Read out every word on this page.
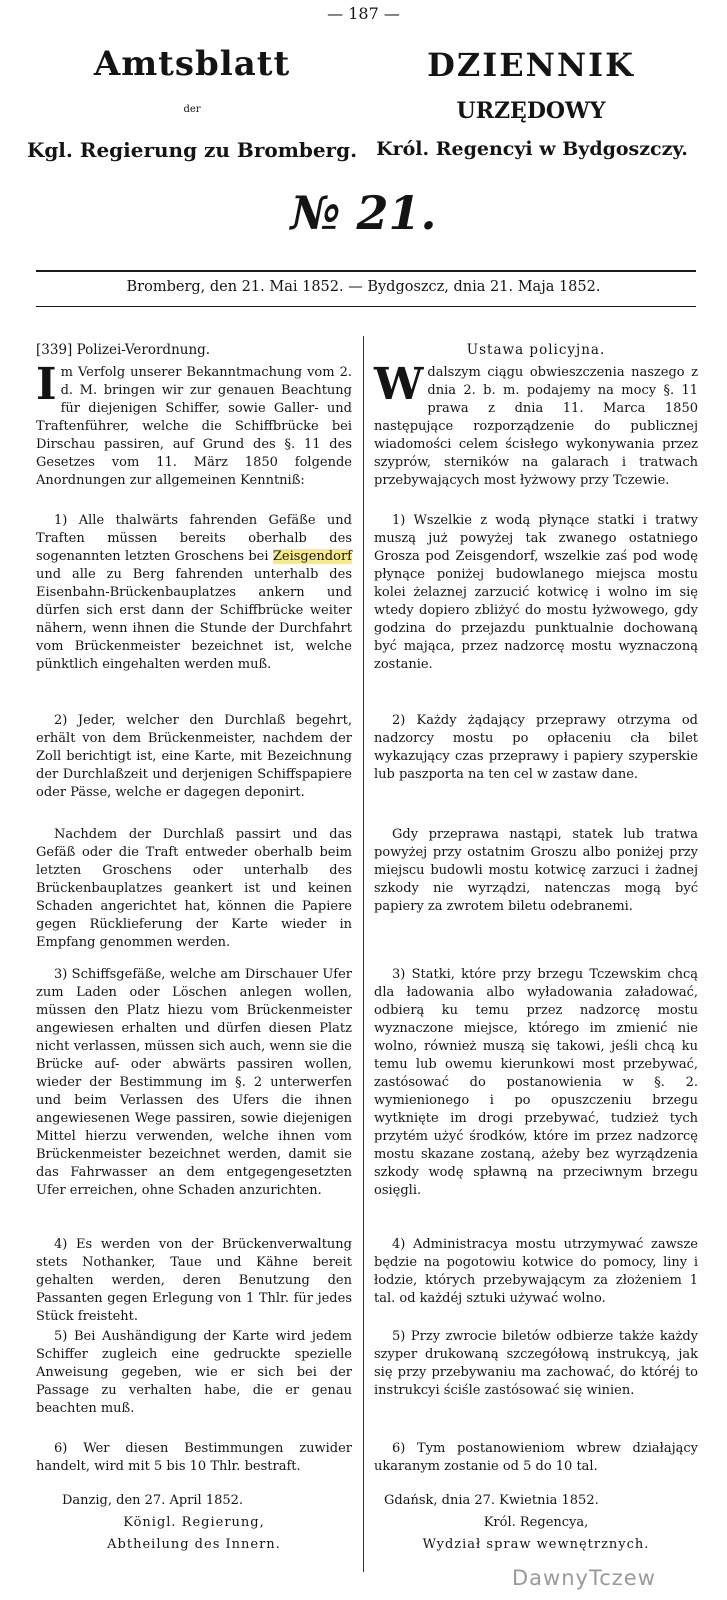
— 187 —
Amtsblatt	DZIENNIK
der	URZĘDOWY
Kgl. Regierung zu Bromberg.	Król. Regencyi w Bydgoszczy.
№ 21.
Bromberg, den 21. Mai 1852. — Bydgoszcz, dnia 21. Maja 1852.
[339] Polizei-Verordnung.
Im Verfolg unserer Bekanntmachung vom 2. d. M. bringen wir zur genauen Beachtung für diejenigen Schiffer, sowie Galler- und Traftenführer, welche die Schiffbrücke bei Dirschau passiren, auf Grund des §. 11 des Gesetzes vom 11. März 1850 folgende Anordnungen zur allgemeinen Kenntniß:
1) Alle thalwärts fahrenden Gefäße und Traften müssen bereits oberhalb des sogenannten letzten Groschens bei Zeisgendorf und alle zu Berg fahrenden unterhalb des Eisenbahn-Brückenbauplatzes ankern und dürfen sich erst dann der Schiffbrücke weiter nähern, wenn ihnen die Stunde der Durchfahrt vom Brückenmeister bezeichnet ist, welche pünktlich eingehalten werden muß.
2) Jeder, welcher den Durchlaß begehrt, erhält von dem Brückenmeister, nachdem der Zoll berichtigt ist, eine Karte, mit Bezeichnung der Durchlaßzeit und derjenigen Schiffspapiere oder Pässe, welche er dagegen deponirt.
Nachdem der Durchlaß passirt und das Gefäß oder die Traft entweder oberhalb beim letzten Groschens oder unterhalb des Brückenbauplatzes geankert ist und keinen Schaden angerichtet hat, können die Papiere gegen Rücklieferung der Karte wieder in Empfang genommen werden.
3) Schiffsgefäße, welche am Dirschauer Ufer zum Laden oder Löschen anlegen wollen, müssen den Platz hiezu vom Brückenmeister angewiesen erhalten und dürfen diesen Platz nicht verlassen, müssen sich auch, wenn sie die Brücke auf- oder abwärts passiren wollen, wieder der Bestimmung im §. 2 unterwerfen und beim Verlassen des Ufers die ihnen angewiesenen Wege passiren, sowie diejenigen Mittel hierzu verwenden, welche ihnen vom Brückenmeister bezeichnet werden, damit sie das Fahrwasser an dem entgegengesetzten Ufer erreichen, ohne Schaden anzurichten.
4) Es werden von der Brückenverwaltung stets Nothanker, Taue und Kähne bereit gehalten werden, deren Benutzung den Passanten gegen Erlegung von 1 Thlr. für jedes Stück freisteht.
5) Bei Aushändigung der Karte wird jedem Schiffer zugleich eine gedruckte spezielle Anweisung gegeben, wie er sich bei der Passage zu verhalten habe, die er genau beachten muß.
6) Wer diesen Bestimmungen zuwider handelt, wird mit 5 bis 10 Thlr. bestraft.
Danzig, den 27. April 1852.
Königl. Regierung,
Abtheilung des Innern.
Ustawa policyjna.
Wdalszym ciągu obwieszczenia naszego z dnia 2. b. m. podajemy na mocy §. 11 prawa z dnia 11. Marca 1850 następujące rozporządzenie do publicznej wiadomości celem ścisłego wykonywania przez szyprów, sterników na galarach i tratwach przebywających most łyżwowy przy Tczewie.
1) Wszelkie z wodą płynące statki i tratwy muszą już powyżej tak zwanego ostatniego Grosza pod Zeisgendorf, wszelkie zaś pod wodę płynące poniżej budowlanego miejsca mostu kolei żelaznej zarzucić kotwicę i wolno im się wtedy dopiero zbliżyć do mostu łyżwowego, gdy godzina do przejazdu punktualnie dochowaną być mająca, przez nadzorcę mostu wyznaczoną zostanie.
2) Każdy żądający przeprawy otrzyma od nadzorcy mostu po opłaceniu cła bilet wykazujący czas przeprawy i papiery szyperskie lub paszporta na ten cel w zastaw dane.
Gdy przeprawa nastąpi, statek lub tratwa powyżej przy ostatnim Groszu albo poniżej przy miejscu budowli mostu kotwicę zarzuci i żadnej szkody nie wyrządzi, natenczas mogą być papiery za zwrotem biletu odebranemi.
3) Statki, które przy brzegu Tczewskim chcą dla ładowania albo wyładowania załadować, odbierą ku temu przez nadzorcę mostu wyznaczone miejsce, którego im zmienić nie wolno, również muszą się takowi, jeśli chcą ku temu lub owemu kierunkowi most przebywać, zastósować do postanowienia w §. 2. wymienionego i po opuszczeniu brzegu wytknięte im drogi przebywać, tudzież tych przytém użyć środków, które im przez nadzorcę mostu skazane zostaną, ażeby bez wyrządzenia szkody wodę spławną na przeciwnym brzegu osięgli.
4) Administracya mostu utrzymywać zawsze będzie na pogotowiu kotwice do pomocy, liny i łodzie, których przebywającym za złożeniem 1 tal. od każdéj sztuki używać wolno.
5) Przy zwrocie biletów odbierze także każdy szyper drukowaną szczegółową instrukcyą, jak się przy przebywaniu ma zachować, do któréj to instrukcyi ściśle zastósować się winien.
6) Tym postanowieniom wbrew działający ukaranym zostanie od 5 do 10 tal.
Gdańsk, dnia 27. Kwietnia 1852.
Król. Regencya,
Wydział spraw wewnętrznych.
DawnyTczew
